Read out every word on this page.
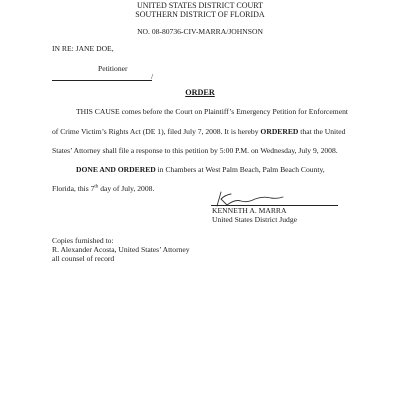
UNITED STATES DISTRICT COURT
SOUTHERN DISTRICT OF FLORIDA
NO. 08-80736-CIV-MARRA/JOHNSON
IN RE: JANE DOE,
Petitioner
/
ORDER
THIS CAUSE comes before the Court on Plaintiff’s Emergency Petition for Enforcement
of Crime Victim’s Rights Act (DE 1), filed July 7, 2008. It is hereby ORDERED that the United
States’ Attorney shall file a response to this petition by 5:00 P.M. on Wednesday, July 9, 2008.
DONE AND ORDERED in Chambers at West Palm Beach, Palm Beach County,
Florida, this 7th day of July, 2008.
KENNETH A. MARRA
United States District Judge
Copies furnished to:
R. Alexander Acosta, United States’ Attorney
all counsel of record
